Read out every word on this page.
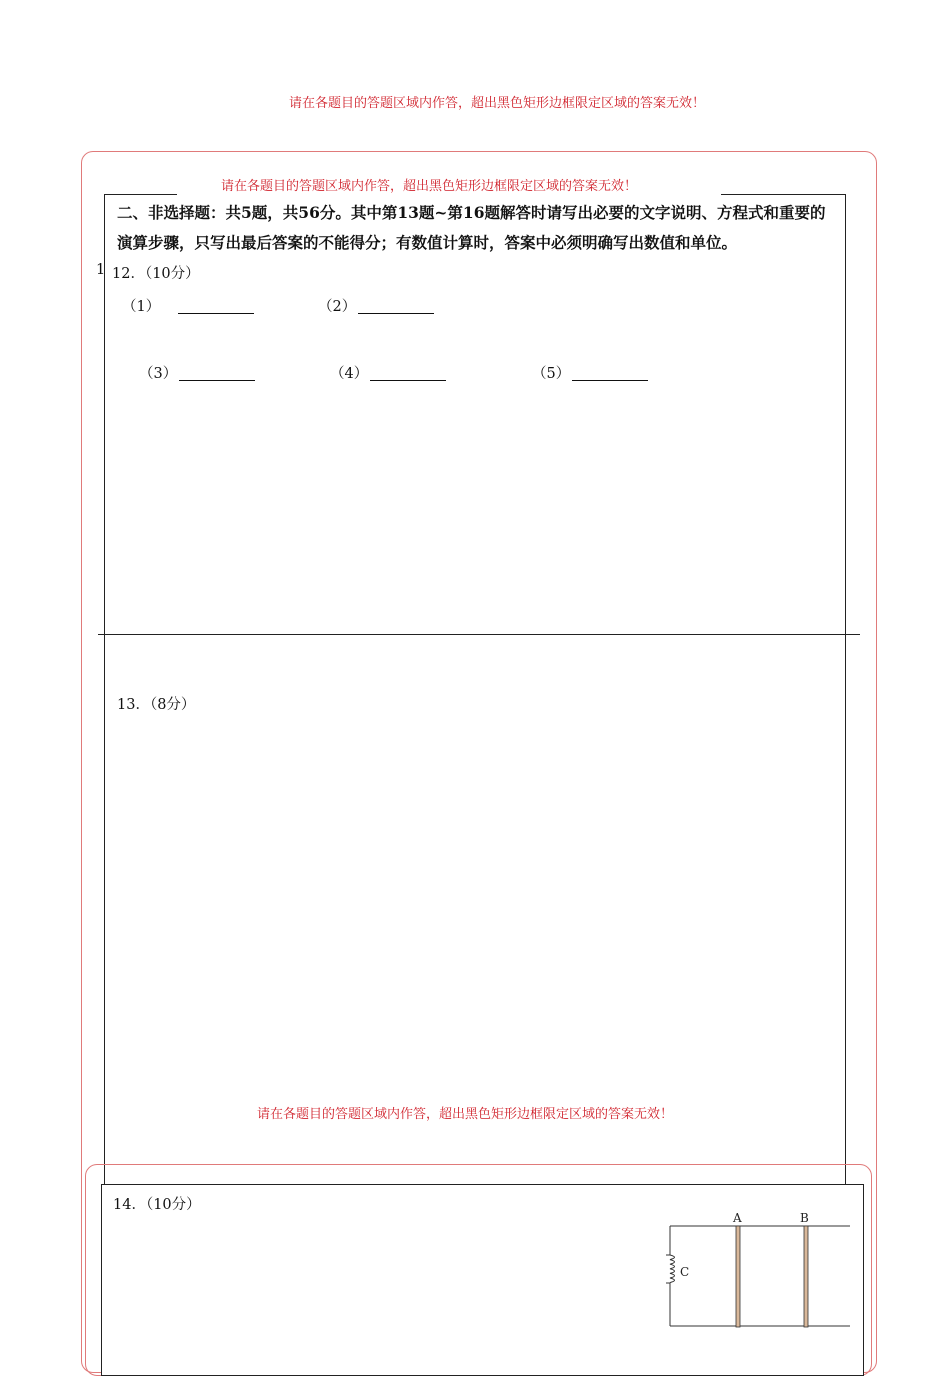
请在各题目的答题区域内作答，超出黑色矩形边框限定区域的答案无效！
请在各题目的答题区域内作答，超出黑色矩形边框限定区域的答案无效！
二、非选择题：共5题，共56分。其中第13题~第16题解答时请写出必要的文字说明、方程式和重要的演算步骤，只写出最后答案的不能得分；有数值计算时，答案中必须明确写出数值和单位。
1 12．（10分）
（1）	（2）
（3）	（4）	（5）
13．（8分）
请在各题目的答题区域内作答，超出黑色矩形边框限定区域的答案无效！
14．（10分）
A	B
C
